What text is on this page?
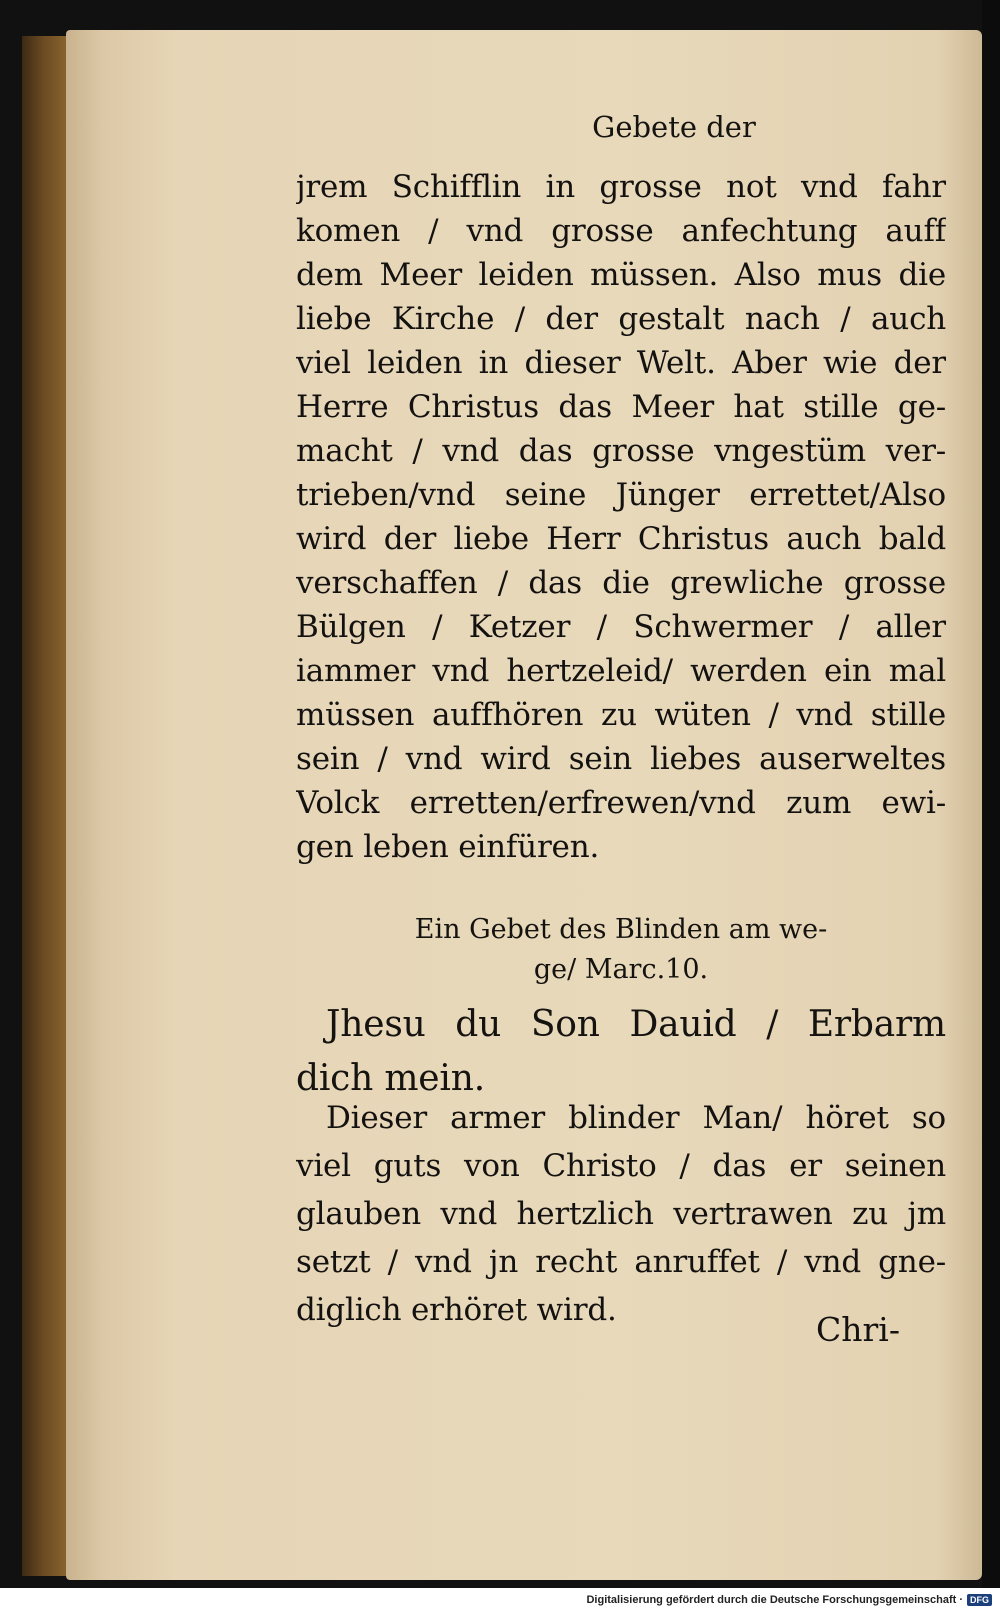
Gebete der
jrem Schifflin in grosse not vnd fahr
komen / vnd grosse anfechtung auff
dem Meer leiden müssen. Also mus die
liebe Kirche / der gestalt nach / auch
viel leiden in dieser Welt. Aber wie der
Herre Christus das Meer hat stille ge-
macht / vnd das grosse vngestüm ver-
trieben/vnd seine Jünger errettet/Also
wird der liebe Herr Christus auch bald
verschaffen / das die grewliche grosse
Bülgen / Ketzer / Schwermer / aller
iammer vnd hertzeleid/ werden ein mal
müssen auffhören zu wüten / vnd stille
sein / vnd wird sein liebes auserweltes
Volck erretten/erfrewen/vnd zum ewi-
gen leben einfüren.
Ein Gebet des Blinden am we-
ge/ Marc.10.
Jhesu du Son Dauid / Erbarm
dich mein.
Dieser armer blinder Man/ höret so
viel guts von Christo / das er seinen
glauben vnd hertzlich vertrawen zu jm
setzt / vnd jn recht anruffet / vnd gne-
diglich erhöret wird.	Chri-
Digitalisierung gefördert durch die Deutsche Forschungsgemeinschaft · DFG
